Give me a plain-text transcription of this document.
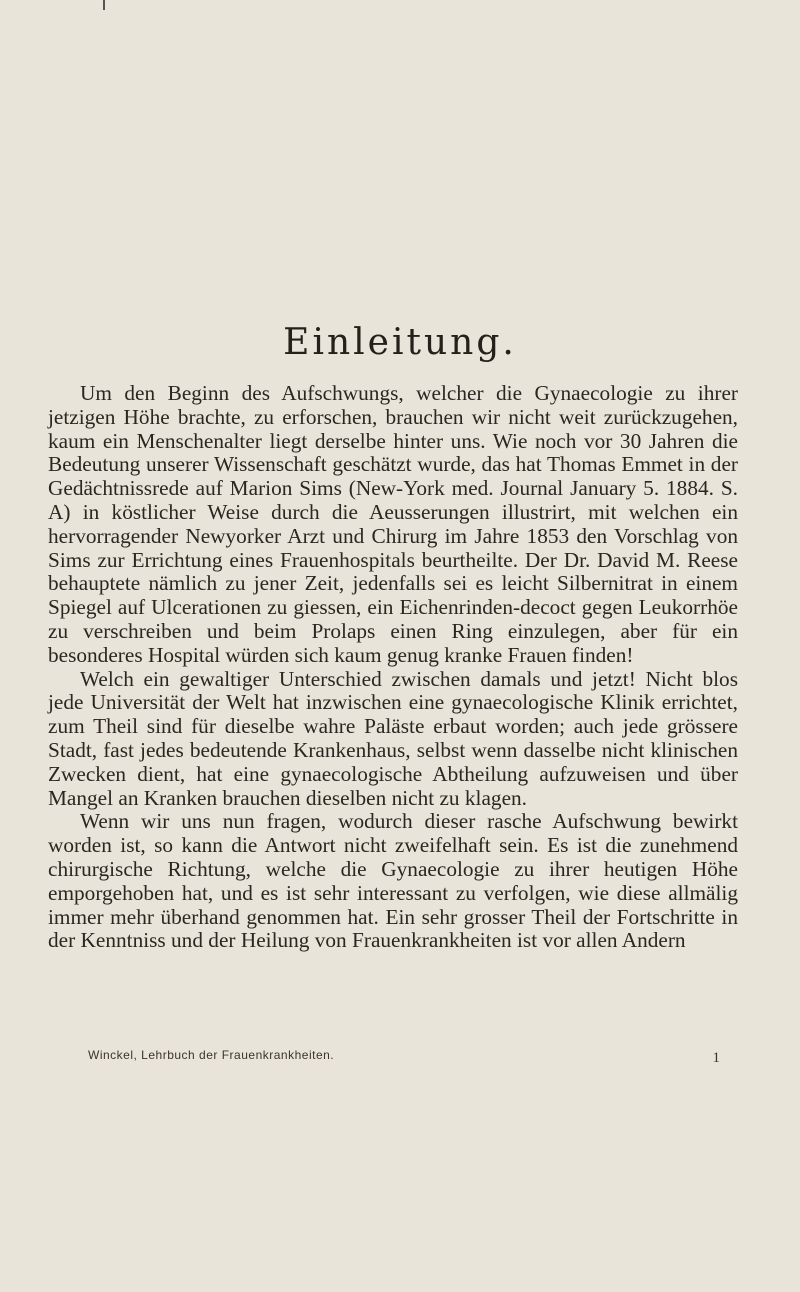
Einleitung.

Um den Beginn des Aufschwungs, welcher die Gynaecologie zu ihrer jetzigen Höhe brachte, zu erforschen, brauchen wir nicht weit zurückzugehen, kaum ein Menschenalter liegt derselbe hinter uns. Wie noch vor 30 Jahren die Bedeutung unserer Wissenschaft geschätzt wurde, das hat Thomas Emmet in der Gedächtnissrede auf Marion Sims (New-York med. Journal January 5. 1884. S. A) in köstlicher Weise durch die Aeusserungen illustrirt, mit welchen ein hervorragender Newyorker Arzt und Chirurg im Jahre 1853 den Vorschlag von Sims zur Errichtung eines Frauenhospitals beurtheilte. Der Dr. David M. Reese behauptete nämlich zu jener Zeit, jedenfalls sei es leicht Silbernitrat in einem Spiegel auf Ulcerationen zu giessen, ein Eichenrinden-decoct gegen Leukorrhöe zu verschreiben und beim Prolaps einen Ring einzulegen, aber für ein besonderes Hospital würden sich kaum genug kranke Frauen finden!

Welch ein gewaltiger Unterschied zwischen damals und jetzt! Nicht blos jede Universität der Welt hat inzwischen eine gynaecologische Klinik errichtet, zum Theil sind für dieselbe wahre Paläste erbaut worden; auch jede grössere Stadt, fast jedes bedeutende Krankenhaus, selbst wenn dasselbe nicht klinischen Zwecken dient, hat eine gynaecologische Abtheilung aufzuweisen und über Mangel an Kranken brauchen dieselben nicht zu klagen.

Wenn wir uns nun fragen, wodurch dieser rasche Aufschwung bewirkt worden ist, so kann die Antwort nicht zweifelhaft sein. Es ist die zunehmend chirurgische Richtung, welche die Gynaecologie zu ihrer heutigen Höhe emporgehoben hat, und es ist sehr interessant zu verfolgen, wie diese allmälig immer mehr überhand genommen hat. Ein sehr grosser Theil der Fortschritte in der Kenntniss und der Heilung von Frauenkrankheiten ist vor allen Andern

Winckel, Lehrbuch der Frauenkrankheiten.	1
